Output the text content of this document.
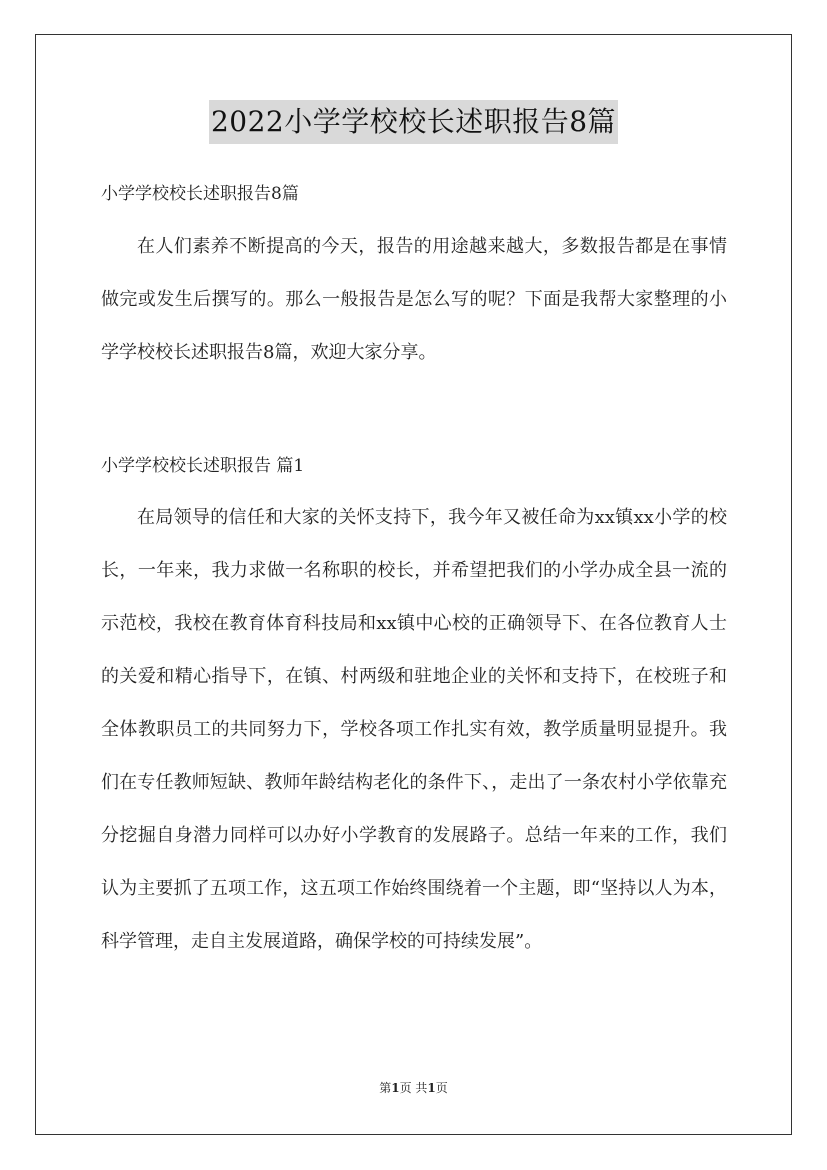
2022小学学校校长述职报告8篇
小学学校校长述职报告8篇

在人们素养不断提高的今天，报告的用途越来越大，多数报告都是在事情做完或发生后撰写的。那么一般报告是怎么写的呢？下面是我帮大家整理的小学学校校长述职报告8篇，欢迎大家分享。

小学学校校长述职报告 篇1

在局领导的信任和大家的关怀支持下，我今年又被任命为xx镇xx小学的校长，一年来，我力求做一名称职的校长，并希望把我们的小学办成全县一流的示范校，我校在教育体育科技局和xx镇中心校的正确领导下、在各位教育人士的关爱和精心指导下，在镇、村两级和驻地企业的关怀和支持下，在校班子和全体教职员工的共同努力下，学校各项工作扎实有效，教学质量明显提升。我们在专任教师短缺、教师年龄结构老化的条件下、，走出了一条农村小学依靠充分挖掘自身潜力同样可以办好小学教育的发展路子。总结一年来的工作，我们认为主要抓了五项工作，这五项工作始终围绕着一个主题，即“坚持以人为本，科学管理，走自主发展道路，确保学校的可持续发展”。

第1页 共1页
